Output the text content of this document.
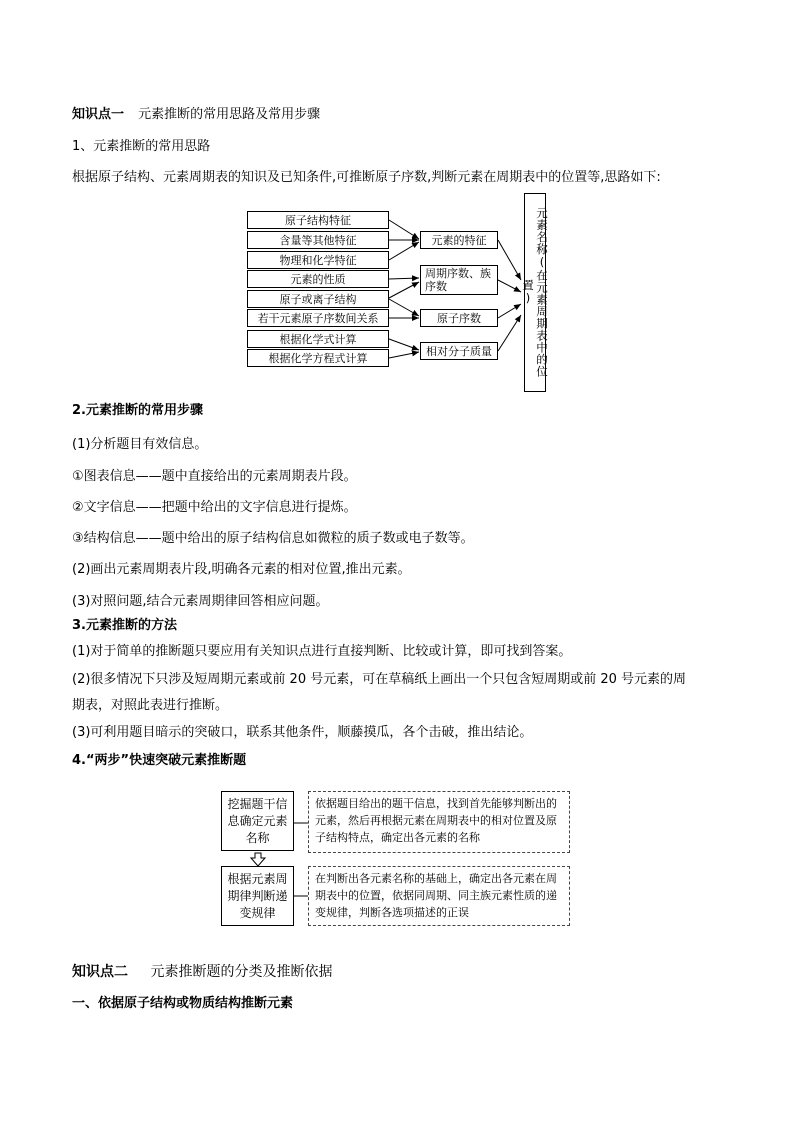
知识点一 元素推断的常用思路及常用步骤
1、元素推断的常用思路
根据原子结构、元素周期表的知识及已知条件,可推断原子序数,判断元素在周期表中的位置等,思路如下:
原子结构特征
含量等其他特征
物理和化学特征
元素的性质
原子或离子结构
若干元素原子序数间关系
根据化学式计算
根据化学方程式计算
元素的特征
周期序数、族序数
原子序数
相对分子质量	元素名称(在元素周期表中的位置)
2.元素推断的常用步骤
(1)分析题目有效信息。
①图表信息——题中直接给出的元素周期表片段。
②文字信息——把题中给出的文字信息进行提炼。
③结构信息——题中给出的原子结构信息如微粒的质子数或电子数等。
(2)画出元素周期表片段,明确各元素的相对位置,推出元素。
(3)对照问题,结合元素周期律回答相应问题。
3.元素推断的方法
(1)对于简单的推断题只要应用有关知识点进行直接判断、比较或计算，即可找到答案。
(2)很多情况下只涉及短周期元素或前 20 号元素，可在草稿纸上画出一个只包含短周期或前 20 号元素的周
期表，对照此表进行推断。
(3)可利用题目暗示的突破口，联系其他条件，顺藤摸瓜，各个击破，推出结论。
4.“两步”快速突破元素推断题
挖掘题干信息确定元素名称
依据题目给出的题干信息，找到首先能够判断出的元素，然后再根据元素在周期表中的相对位置及原子结构特点，确定出各元素的名称
根据元素周期律判断递变规律
在判断出各元素名称的基础上，确定出各元素在周期表中的位置，依据同周期、同主族元素性质的递变规律，判断各选项描述的正误
知识点二 元素推断题的分类及推断依据
一、依据原子结构或物质结构推断元素
